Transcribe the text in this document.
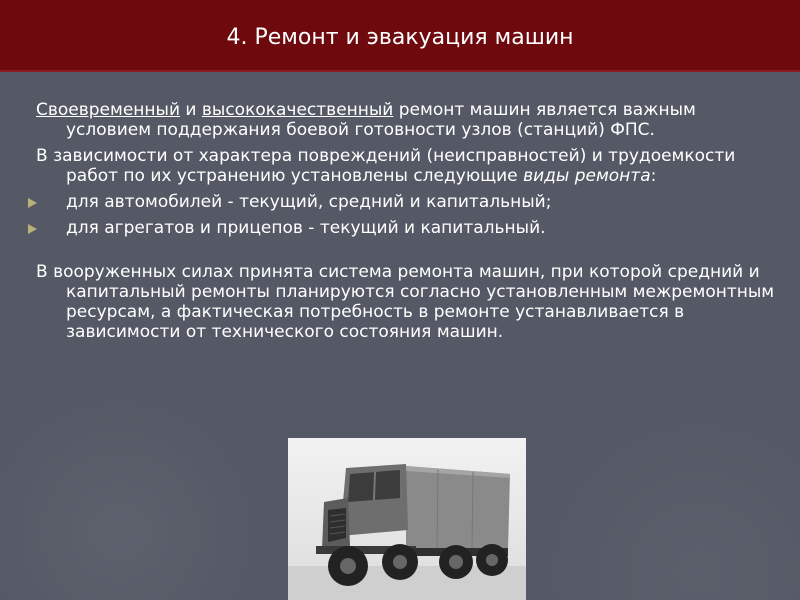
4. Ремонт и эвакуация машин

Своевременный и высококачественный ремонт машин является важным условием поддержания боевой готовности узлов (станций) ФПС.

В зависимости от характера повреждений (неисправностей) и трудоемкости работ по их устранению установлены следующие виды ремонта:

для автомобилей - текущий, средний и капитальный;
для агрегатов и прицепов - текущий и капитальный.

В вооруженных силах принята система ремонта машин, при которой средний и капитальный ремонты планируются согласно установленным межремонтным ресурсам, а фактическая потребность в ремонте устанавливается в зависимости от технического состояния машин.
